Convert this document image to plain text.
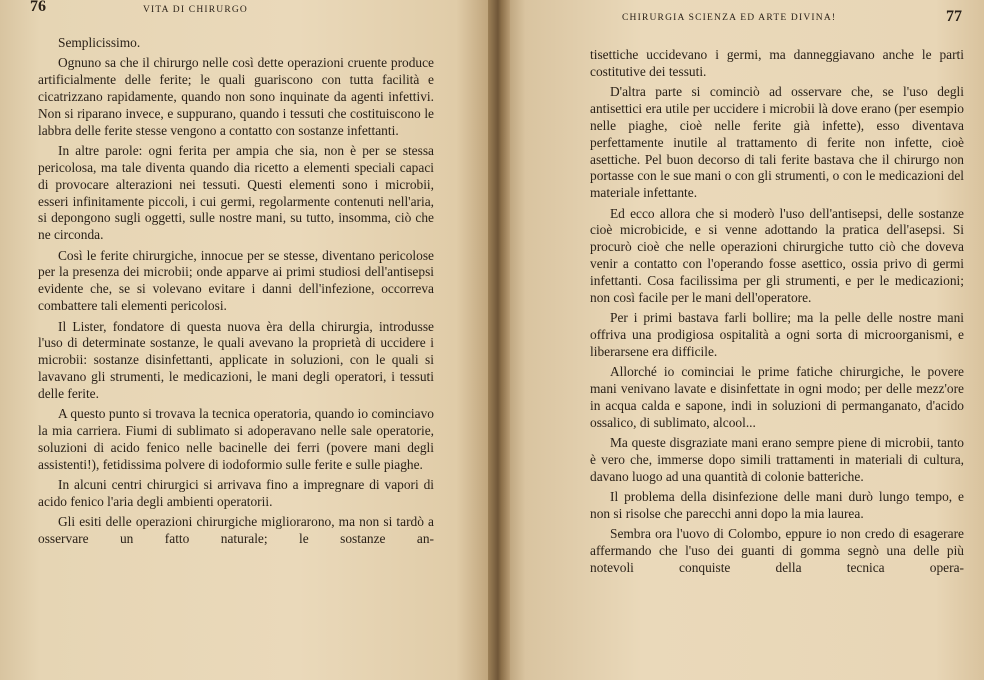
76	VITA DI CHIRURGO

Semplicissimo.

Ognuno sa che il chirurgo nelle così dette operazioni cruente produce artificialmente delle ferite; le quali guariscono con tutta facilità e cicatrizzano rapidamente, quando non sono inquinate da agenti infettivi. Non si riparano invece, e suppurano, quando i tessuti che costituiscono le labbra delle ferite stesse vengono a contatto con sostanze infettanti.

In altre parole: ogni ferita per ampia che sia, non è per se stessa pericolosa, ma tale diventa quando dia ricetto a elementi speciali capaci di provocare alterazioni nei tessuti. Questi elementi sono i microbii, esseri infinitamente piccoli, i cui germi, regolarmente contenuti nell'aria, si depongono sugli oggetti, sulle nostre mani, su tutto, insomma, ciò che ne circonda.

Così le ferite chirurgiche, innocue per se stesse, diventano pericolose per la presenza dei microbii; onde apparve ai primi studiosi dell'antisepsi evidente che, se si volevano evitare i danni dell'infezione, occorreva combattere tali elementi pericolosi.

Il Lister, fondatore di questa nuova èra della chirurgia, introdusse l'uso di determinate sostanze, le quali avevano la proprietà di uccidere i microbii: sostanze disinfettanti, applicate in soluzioni, con le quali si lavavano gli strumenti, le medicazioni, le mani degli operatori, i tessuti delle ferite.

A questo punto si trovava la tecnica operatoria, quando io cominciavo la mia carriera. Fiumi di sublimato si adoperavano nelle sale operatorie, soluzioni di acido fenico nelle bacinelle dei ferri (povere mani degli assistenti!), fetidissima polvere di iodoformio sulle ferite e sulle piaghe.

In alcuni centri chirurgici si arrivava fino a impregnare di vapori di acido fenico l'aria degli ambienti operatorii.

Gli esiti delle operazioni chirurgiche migliorarono, ma non si tardò a osservare un fatto naturale; le sostanze an-

CHIRURGIA SCIENZA ED ARTE DIVINA!	77

tisettiche uccidevano i germi, ma danneggiavano anche le parti costitutive dei tessuti.

D'altra parte si cominciò ad osservare che, se l'uso degli antisettici era utile per uccidere i microbii là dove erano (per esempio nelle piaghe, cioè nelle ferite già infette), esso diventava perfettamente inutile al trattamento di ferite non infette, cioè asettiche. Pel buon decorso di tali ferite bastava che il chirurgo non portasse con le sue mani o con gli strumenti, o con le medicazioni del materiale infettante.

Ed ecco allora che si moderò l'uso dell'antisepsi, delle sostanze cioè microbicide, e si venne adottando la pratica dell'asepsi. Si procurò cioè che nelle operazioni chirurgiche tutto ciò che doveva venir a contatto con l'operando fosse asettico, ossia privo di germi infettanti. Cosa facilissima per gli strumenti, e per le medicazioni; non così facile per le mani dell'operatore.

Per i primi bastava farli bollire; ma la pelle delle nostre mani offriva una prodigiosa ospitalità a ogni sorta di microorganismi, e liberarsene era difficile.

Allorché io cominciai le prime fatiche chirurgiche, le povere mani venivano lavate e disinfettate in ogni modo; per delle mezz'ore in acqua calda e sapone, indi in soluzioni di permanganato, d'acido ossalico, di sublimato, alcool...

Ma queste disgraziate mani erano sempre piene di microbii, tanto è vero che, immerse dopo simili trattamenti in materiali di cultura, davano luogo ad una quantità di colonie batteriche.

Il problema della disinfezione delle mani durò lungo tempo, e non si risolse che parecchi anni dopo la mia laurea.

Sembra ora l'uovo di Colombo, eppure io non credo di esagerare affermando che l'uso dei guanti di gomma segnò una delle più notevoli conquiste della tecnica opera-
